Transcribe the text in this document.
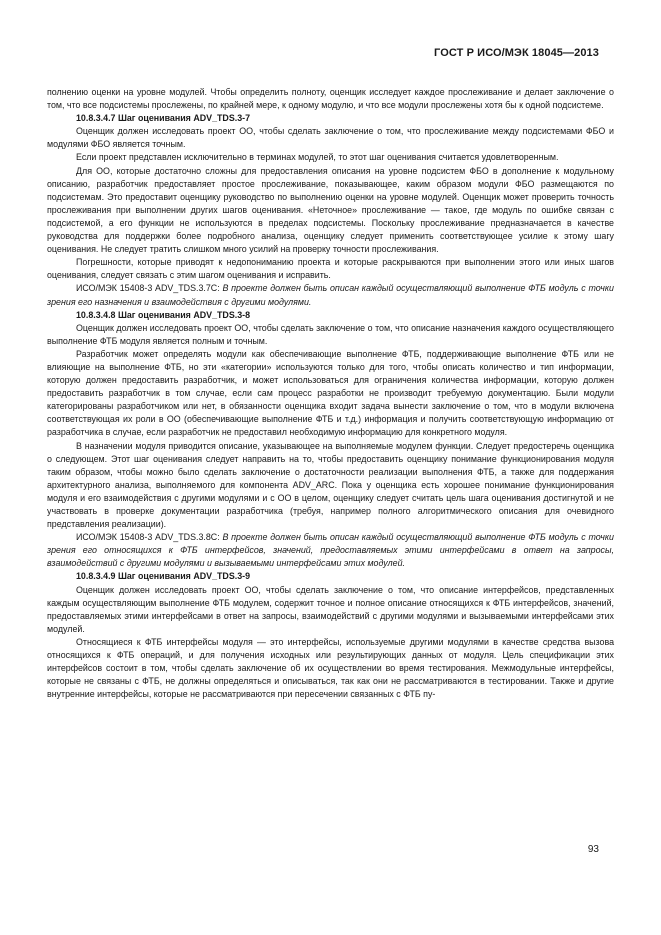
ГОСТ Р ИСО/МЭК 18045—2013

полнению оценки на уровне модулей. Чтобы определить полноту, оценщик исследует каждое прослеживание и делает заключение о том, что все подсистемы прослежены, по крайней мере, к одному модулю, и что все модули прослежены хотя бы к одной подсистеме.

10.8.3.4.7 Шаг оценивания ADV_TDS.3-7

Оценщик должен исследовать проект ОО, чтобы сделать заключение о том, что прослеживание между подсистемами ФБО и модулями ФБО является точным.

Если проект представлен исключительно в терминах модулей, то этот шаг оценивания считается удовлетворенным.

Для ОО, которые достаточно сложны для предоставления описания на уровне подсистем ФБО в дополнение к модульному описанию, разработчик предоставляет простое прослеживание, показывающее, каким образом модули ФБО размещаются по подсистемам. Это предоставит оценщику руководство по выполнению оценки на уровне модулей. Оценщик может проверить точность прослеживания при выполнении других шагов оценивания. «Неточное» прослеживание — такое, где модуль по ошибке связан с подсистемой, а его функции не используются в пределах подсистемы. Поскольку прослеживание предназначается в качестве руководства для поддержки более подробного анализа, оценщику следует применить соответствующее усилие к этому шагу оценивания. Не следует тратить слишком много усилий на проверку точности прослеживания.

Погрешности, которые приводят к недопониманию проекта и которые раскрываются при выполнении этого или иных шагов оценивания, следует связать с этим шагом оценивания и исправить.

ИСО/МЭК 15408-3 ADV_TDS.3.7С: В проекте должен быть описан каждый осуществляющий выполнение ФТБ модуль с точки зрения его назначения и взаимодействия с другими модулями.

10.8.3.4.8 Шаг оценивания ADV_TDS.3-8

Оценщик должен исследовать проект ОО, чтобы сделать заключение о том, что описание назначения каждого осуществляющего выполнение ФТБ модуля является полным и точным.

Разработчик может определять модули как обеспечивающие выполнение ФТБ, поддерживающие выполнение ФТБ или не влияющие на выполнение ФТБ, но эти «категории» используются только для того, чтобы описать количество и тип информации, которую должен предоставить разработчик, и может использоваться для ограничения количества информации, которую должен предоставить разработчик в том случае, если сам процесс разработки не производит требуемую документацию. Были модули категорированы разработчиком или нет, в обязанности оценщика входит задача вынести заключение о том, что в модули включена соответствующая их роли в ОО (обеспечивающие выполнение ФТБ и т.д.) информация и получить соответствующую информацию от разработчика в случае, если разработчик не предоставил необходимую информацию для конкретного модуля.

В назначении модуля приводится описание, указывающее на выполняемые модулем функции. Следует предостеречь оценщика о следующем. Этот шаг оценивания следует направить на то, чтобы предоставить оценщику понимание функционирования модуля таким образом, чтобы можно было сделать заключение о достаточности реализации выполнения ФТБ, а также для поддержания архитектурного анализа, выполняемого для компонента ADV_ARC. Пока у оценщика есть хорошее понимание функционирования модуля и его взаимодействия с другими модулями и с ОО в целом, оценщику следует считать цель шага оценивания достигнутой и не участвовать в проверке документации разработчика (требуя, например полного алгоритмического описания для очевидного представления реализации).

ИСО/МЭК 15408-3 ADV_TDS.3.8С: В проекте должен быть описан каждый осуществляющий выполнение ФТБ модуль с точки зрения его относящихся к ФТБ интерфейсов, значений, предоставляемых этими интерфейсами в ответ на запросы, взаимодействий с другими модулями и вызываемыми интерфейсами этих модулей.

10.8.3.4.9 Шаг оценивания ADV_TDS.3-9

Оценщик должен исследовать проект ОО, чтобы сделать заключение о том, что описание интерфейсов, представленных каждым осуществляющим выполнение ФТБ модулем, содержит точное и полное описание относящихся к ФТБ интерфейсов, значений, предоставляемых этими интерфейсами в ответ на запросы, взаимодействий с другими модулями и вызываемыми интерфейсами этих модулей.

Относящиеся к ФТБ интерфейсы модуля — это интерфейсы, используемые другими модулями в качестве средства вызова относящихся к ФТБ операций, и для получения исходных или результирующих данных от модуля. Цель спецификации этих интерфейсов состоит в том, чтобы сделать заключение об их осуществлении во время тестирования. Межмодульные интерфейсы, которые не связаны с ФТБ, не должны определяться и описываться, так как они не рассматриваются в тестировании. Также и другие внутренние интерфейсы, которые не рассматриваются при пересечении связанных с ФТБ пу-

93
